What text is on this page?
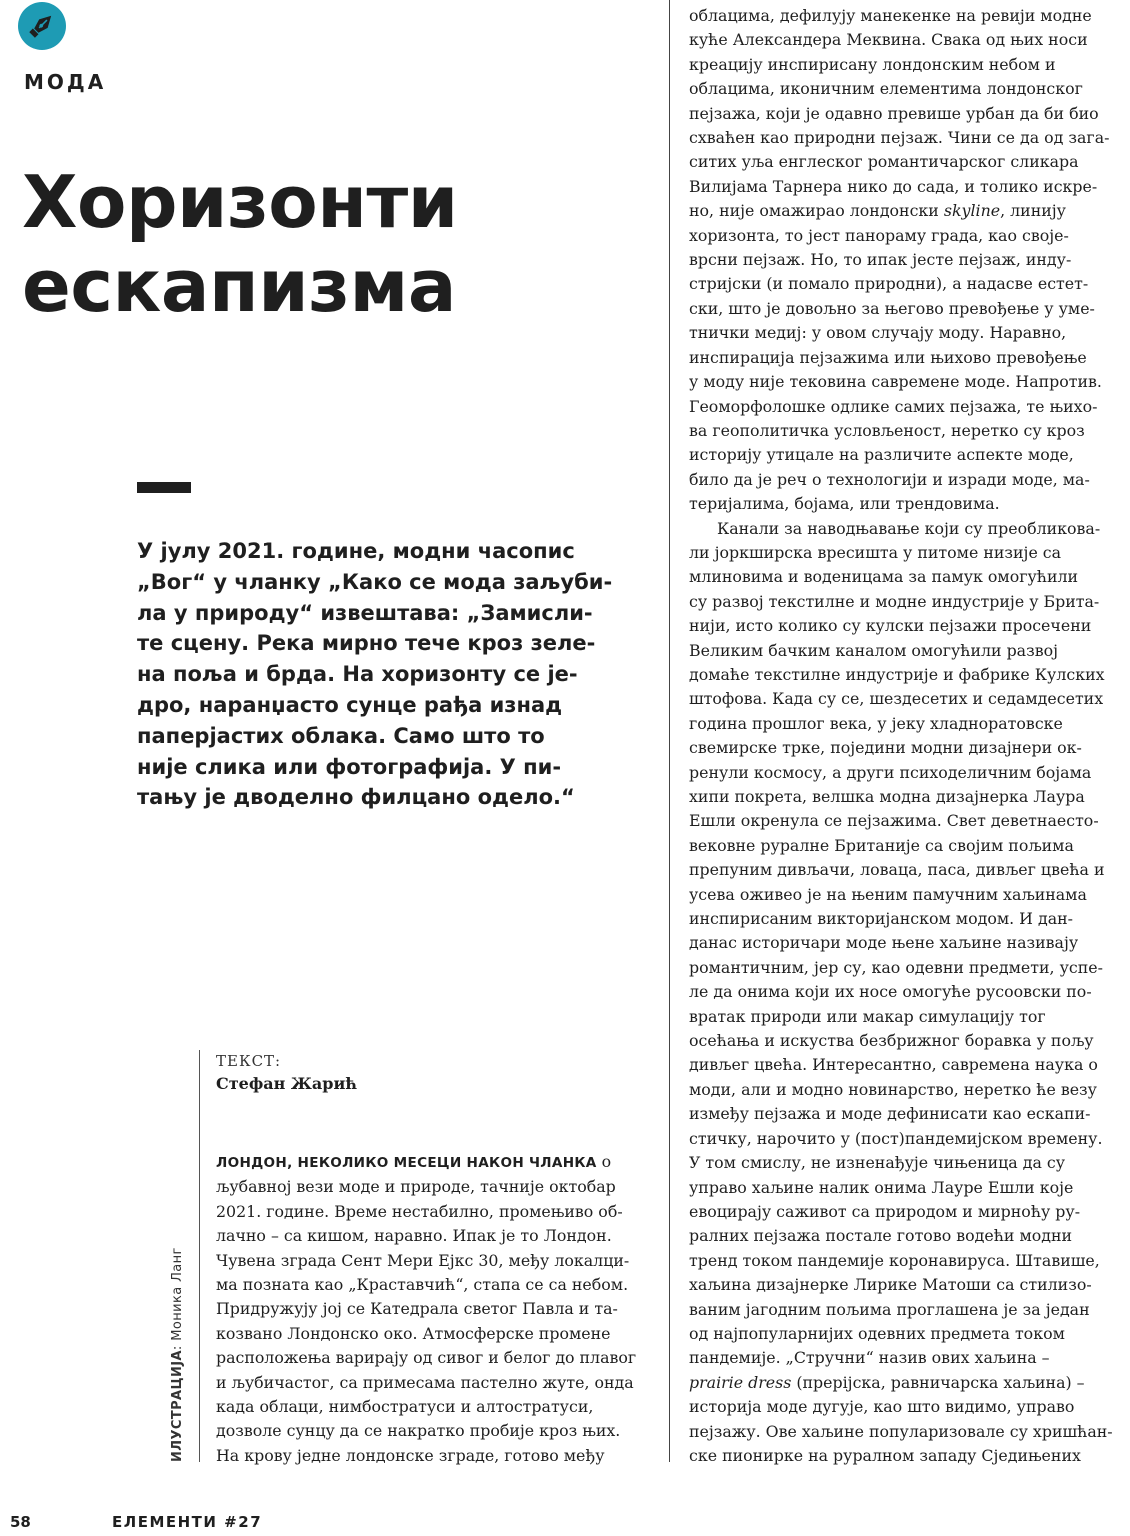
МОДА
Хоризонти
ескапизма

У јулу 2021. године, модни часопис
„Вог“ у чланку „Како се мода заљуби-
ла у природу“ извештава: „Замисли-
те сцену. Река мирно тече кроз зеле-
на поља и брда. На хоризонту се је-
дро, наранџасто сунце рађа изнад
паперјастих облака. Само што то
није слика или фотографија. У пи-
тању је дводелно филцано одело.“

ТЕКСТ:
Стефан Жарић
ИЛУСТРАЦИЈА: Моника Ланг
ЛОНДОН, НЕКОЛИКО МЕСЕЦИ НАКОН ЧЛАНКА о
љубавној вези моде и природе, тачније октобар
2021. године. Време нестабилно, промењиво об-
лачно – са кишом, наравно. Ипак је то Лондон.
Чувена зграда Сент Мери Ејкс 30, међу локалци-
ма позната као „Краставчић“, стапа се са небом.
Придружују јој се Катедрала светог Павла и та-
козвано Лондонско око. Атмосферске промене
расположења варирају од сивог и белог до плавог
и љубичастог, са примесама пастелно жуте, онда
када облаци, нимбостратуси и алтостратуси,
дозволе сунцу да се накратко пробије кроз њих.
На крову једне лондонске зграде, готово међу
облацима, дефилују манекенке на ревији модне
куће Александера Меквина. Свака од њих носи
креацију инспирисану лондонским небом и
облацима, иконичним елементима лондонског
пејзажа, који је одавно превише урбан да би био
схваћен као природни пејзаж. Чини се да од зага-
ситих уља енглеског романтичарског сликара
Вилијама Тарнера нико до сада, и толико искре-
но, није омажирао лондонски skyline, линију
хоризонта, то јест панораму града, као своје-
врсни пејзаж. Но, то ипак јесте пејзаж, инду-
стријски (и помало природни), а надасве естет-
ски, што је довољно за његово превођење у уме-
тнички медиј: у овом случају моду. Наравно,
инспирација пејзажима или њихово превођење
у моду није тековина савремене моде. Напротив.
Геоморфолошке одлике самих пејзажа, те њихо-
ва геополитичка условљеност, неретко су кроз
историју утицале на различите аспекте моде,
било да је реч о технологији и изради моде, ма-
теријалима, бојама, или трендовима.
Канали за наводњавање који су преобликова-
ли јоркширска вресишта у питоме низије са
млиновима и воденицама за памук омогућили
су развој текстилне и модне индустрије у Брита-
нији, исто колико су кулски пејзажи просечени
Великим бачким каналом омогућили развој
домаће текстилне индустрије и фабрике Кулских
штофова. Када су се, шездесетих и седамдесетих
година прошлог века, у јеку хладноратовске
свемирске трке, поједини модни дизајнери ок-
ренули космосу, а други психоделичним бојама
хипи покрета, велшка модна дизајнерка Лаура
Ешли окренула се пејзажима. Свет деветнаесто-
вековне руралне Британије са својим пољима
препуним дивљачи, ловаца, паса, дивљег цвећа и
усева оживео је на њеним памучним хаљинама
инспирисаним викторијанском модом. И дан-
данас историчари моде њене хаљине називају
романтичним, јер су, као одевни предмети, успе-
ле да онима који их носе омогуће русоовски по-
вратак природи или макар симулацију тог
осећања и искуства безбрижног боравка у пољу
дивљег цвећа. Интересантно, савремена наука о
моди, али и модно новинарство, неретко ће везу
између пејзажа и моде дефинисати као ескапи-
стичку, нарочито у (пост)пандемијском времену.
У том смислу, не изненађује чињеница да су
управо хаљине налик онима Лауре Ешли које
евоцирају саживот са природом и мирноћу ру-
ралних пејзажа постале готово водећи модни
тренд током пандемије коронавируса. Штавише,
хаљина дизајнерке Лирике Матоши са стилизо-
ваним јагодним пољима проглашена је за један
од најпопуларнијих одевних предмета током
пандемије. „Стручни“ назив ових хаљина –
prairie dress (прерijска, равничарска хаљина) –
историја моде дугује, као што видимо, управо
пејзажу. Ове хаљине популаризовале су хришћан-
ске пионирке на руралном западу Сједињених
58	ЕЛЕМЕНТИ #27
